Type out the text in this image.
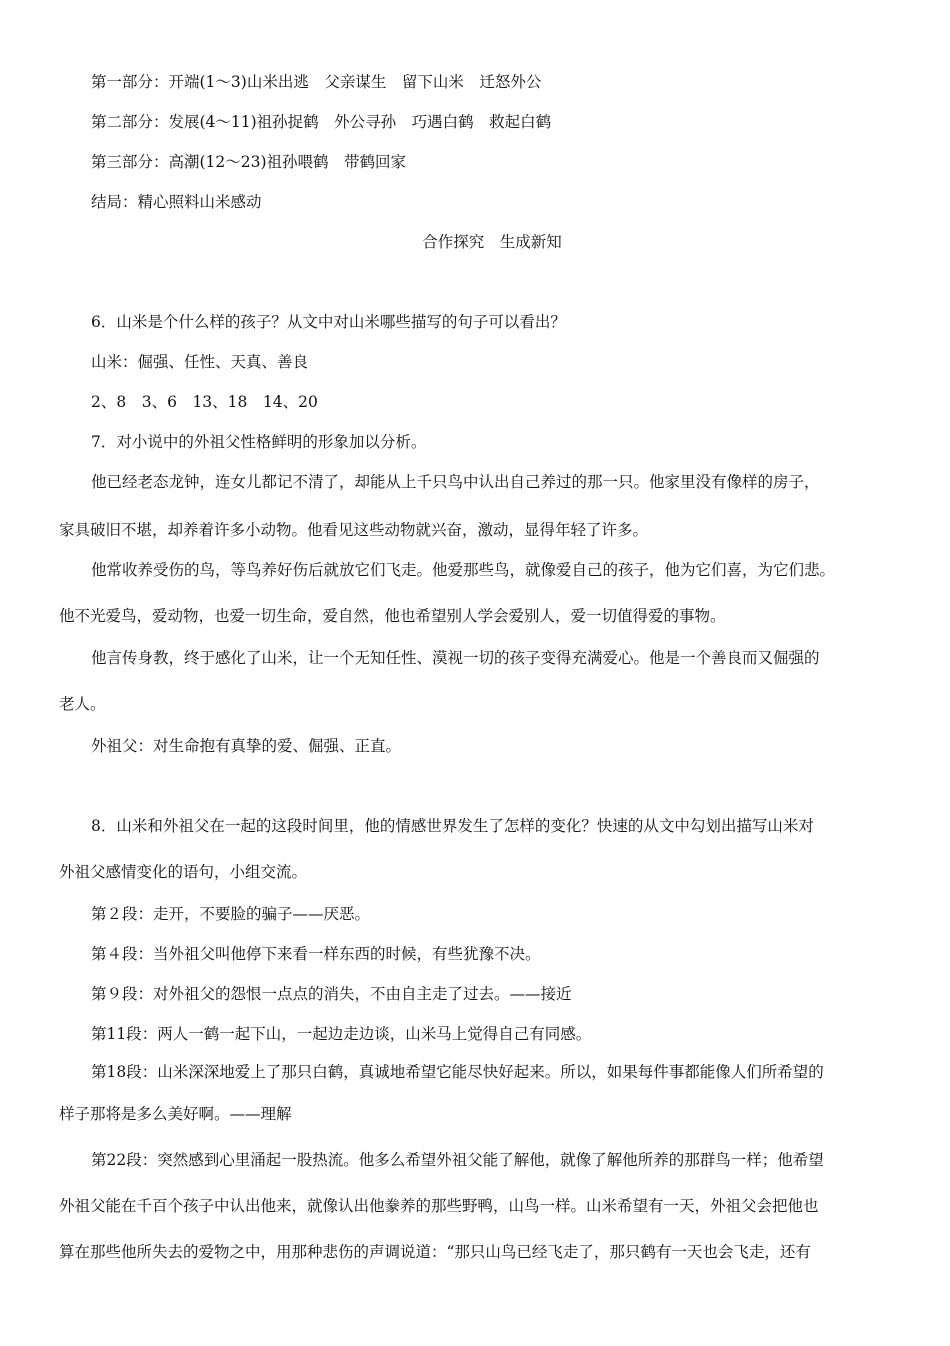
第一部分：开端(1～3)山米出逃　父亲谋生　留下山米　迁怒外公
第二部分：发展(4～11)祖孙捉鹤　外公寻孙　巧遇白鹤　救起白鹤
第三部分：高潮(12～23)祖孙喂鹤　带鹤回家
结局：精心照料山米感动
合作探究　生成新知
6．山米是个什么样的孩子？从文中对山米哪些描写的句子可以看出？
山米：倔强、任性、天真、善良
2、8　3、6　13、18　14、20
7．对小说中的外祖父性格鲜明的形象加以分析。
他已经老态龙钟，连女儿都记不清了，却能从上千只鸟中认出自己养过的那一只。他家里没有像样的房子，
家具破旧不堪，却养着许多小动物。他看见这些动物就兴奋，激动，显得年轻了许多。
他常收养受伤的鸟，等鸟养好伤后就放它们飞走。他爱那些鸟，就像爱自己的孩子，他为它们喜，为它们悲。
他不光爱鸟，爱动物，也爱一切生命，爱自然，他也希望别人学会爱别人，爱一切值得爱的事物。
他言传身教，终于感化了山米，让一个无知任性、漠视一切的孩子变得充满爱心。他是一个善良而又倔强的
老人。
外祖父：对生命抱有真挚的爱、倔强、正直。
8．山米和外祖父在一起的这段时间里，他的情感世界发生了怎样的变化？快速的从文中勾划出描写山米对
外祖父感情变化的语句，小组交流。
第２段：走开，不要脸的骗子——厌恶。
第４段：当外祖父叫他停下来看一样东西的时候，有些犹豫不决。
第９段：对外祖父的怨恨一点点的消失，不由自主走了过去。——接近
第11段：两人一鹤一起下山，一起边走边谈，山米马上觉得自己有同感。
第18段：山米深深地爱上了那只白鹤，真诚地希望它能尽快好起来。所以，如果每件事都能像人们所希望的
样子那将是多么美好啊。——理解
第22段：突然感到心里涌起一股热流。他多么希望外祖父能了解他，就像了解他所养的那群鸟一样；他希望
外祖父能在千百个孩子中认出他来，就像认出他豢养的那些野鸭，山鸟一样。山米希望有一天，外祖父会把他也
算在那些他所失去的爱物之中，用那种悲伤的声调说道：“那只山鸟已经飞走了，那只鹤有一天也会飞走，还有
